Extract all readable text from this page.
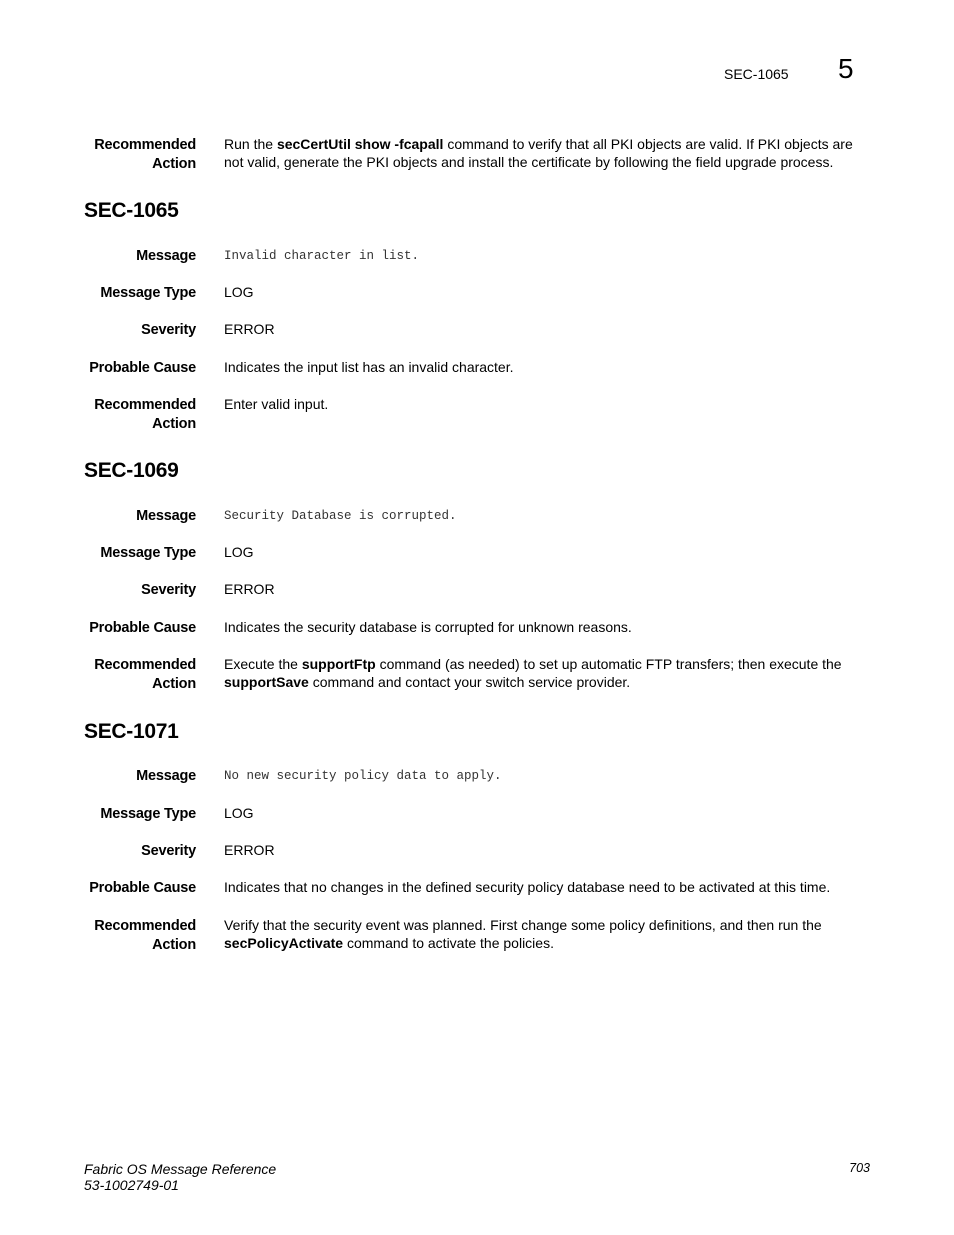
SEC-1065 5
Recommended
Action
Run the secCertUtil show -fcapall command to verify that all PKI objects are valid. If PKI objects are not valid, generate the PKI objects and install the certificate by following the field upgrade process.
SEC-1065
Message Invalid character in list.
Message Type LOG
Severity ERROR
Probable Cause Indicates the input list has an invalid character.
Recommended
Action
Enter valid input.
SEC-1069
Message Security Database is corrupted.
Message Type LOG
Severity ERROR
Probable Cause Indicates the security database is corrupted for unknown reasons.
Recommended
Action
Execute the supportFtp command (as needed) to set up automatic FTP transfers; then execute the supportSave command and contact your switch service provider.
SEC-1071
Message No new security policy data to apply.
Message Type LOG
Severity ERROR
Probable Cause Indicates that no changes in the defined security policy database need to be activated at this time.
Recommended
Action
Verify that the security event was planned. First change some policy definitions, and then run the secPolicyActivate command to activate the policies.
Fabric OS Message Reference
53-1002749-01
703
